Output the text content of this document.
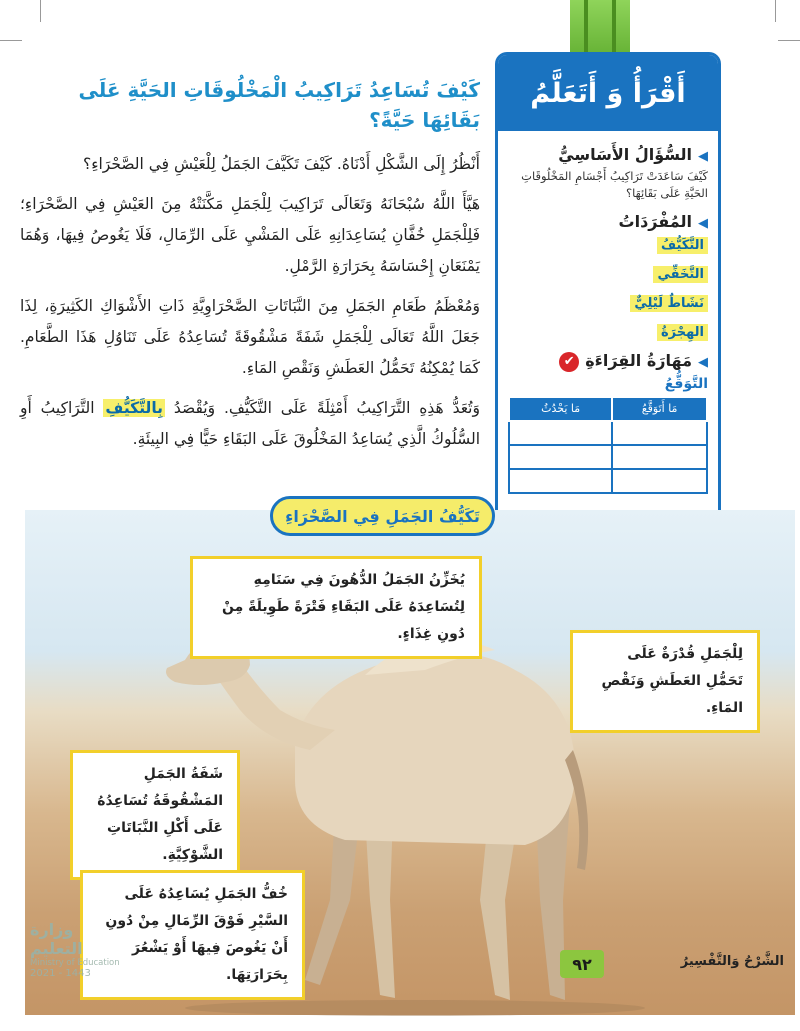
كَيْفَ تُسَاعِدُ تَرَاكِيبُ الْمَخْلُوقَاتِ الحَيَّةِ عَلَى بَقَائِهَا حَيَّةً؟

أَنْظُرُ إِلَى الشَّكْلِ أَدْنَاهُ. كَيْفَ تَكَيَّفَ الجَمَلُ لِلْعَيْشِ فِي الصَّحْرَاءِ؟

هَيَّأَ اللَّهُ سُبْحَانَهُ وَتَعَالَى تَرَاكِيبَ لِلْجَمَلِ مَكَّنَتْهُ مِنَ العَيْشِ فِي الصَّحْرَاءِ؛ فَلِلْجَمَلِ خُفَّانِ يُسَاعِدَانِهِ عَلَى المَشْيِ عَلَى الرِّمَالِ، فَلَا يَغُوصُ فِيهَا، وَهُمَا يَمْنَعَانِ إِحْسَاسَهُ بِحَرَارَةِ الرَّمْلِ.

وَمُعْظَمُ طَعَامِ الجَمَلِ مِنَ النَّبَاتَاتِ الصَّحْرَاوِيَّةِ ذَاتِ الأَشْوَاكِ الكَثِيرَةِ، لِذَا جَعَلَ اللَّهُ تَعَالَى لِلْجَمَلِ شَفَةً مَشْقُوقَةً تُسَاعِدُهُ عَلَى تَنَاوُلِ هَذَا الطَّعَامِ. كَمَا يُمْكِنُهُ تَحَمُّلُ العَطَشِ وَنَقْصِ المَاءِ.

وَتُعَدُّ هَذِهِ التَّرَاكِيبُ أَمْثِلَةً عَلَى التَّكَيُّفِ. وَيُقْصَدُ بِالتَّكَيُّفِ التَّرَاكِيبُ أَوِ السُّلُوكُ الَّذِي يُسَاعِدُ المَخْلُوقَ عَلَى البَقَاءِ حَيًّا فِي البِيئَةِ.

أَقْرَأُ وَ أَتَعَلَّمُ
◀السُّؤَالُ الأَسَاسِيُّ
كَيْفَ سَاعَدَتْ تَرَاكِيبُ أَجْسَامِ المَخْلُوقَاتِ الحَيَّةِ عَلَى بَقَائِهَا؟
◀المُفْرَدَاتُ
التَّكَيُّفُ
التَّخَفِّي
نَشَاطٌ لَيْلِيٌّ
الهِجْرَةُ
◀مَهَارَةُ القِرَاءَةِ✔
التَّوَقُّعُ
مَا أَتَوَقَّعُ	مَا يَحْدُثُ

تَكَيُّفُ الجَمَلِ فِي الصَّحْرَاءِ
يُخَزِّنُ الجَمَلُ الدُّهُونَ فِي سَنَامِهِ لِتُسَاعِدَهُ عَلَى البَقَاءِ فَتْرَةً طَوِيلَةً مِنْ دُونِ غِذَاءٍ.
لِلْجَمَلِ قُدْرَةٌ عَلَى تَحَمُّلِ العَطَشِ وَنَقْصِ المَاءِ.
شَفَةُ الجَمَلِ المَشْقُوقَةُ تُسَاعِدُهُ عَلَى أَكْلِ النَّبَاتَاتِ الشَّوْكِيَّةِ.
خُفُّ الجَمَلِ يُسَاعِدُهُ عَلَى السَّيْرِ فَوْقَ الرِّمَالِ مِنْ دُونِ أَنْ يَغُوصَ فِيهَا أَوْ يَشْعُرَ بِحَرَارَتِهَا.
٩٢	الشَّرْحُ وَالتَّفْسِيرُ
وزارة التعليم
Ministry of Education
2021 - 1443
